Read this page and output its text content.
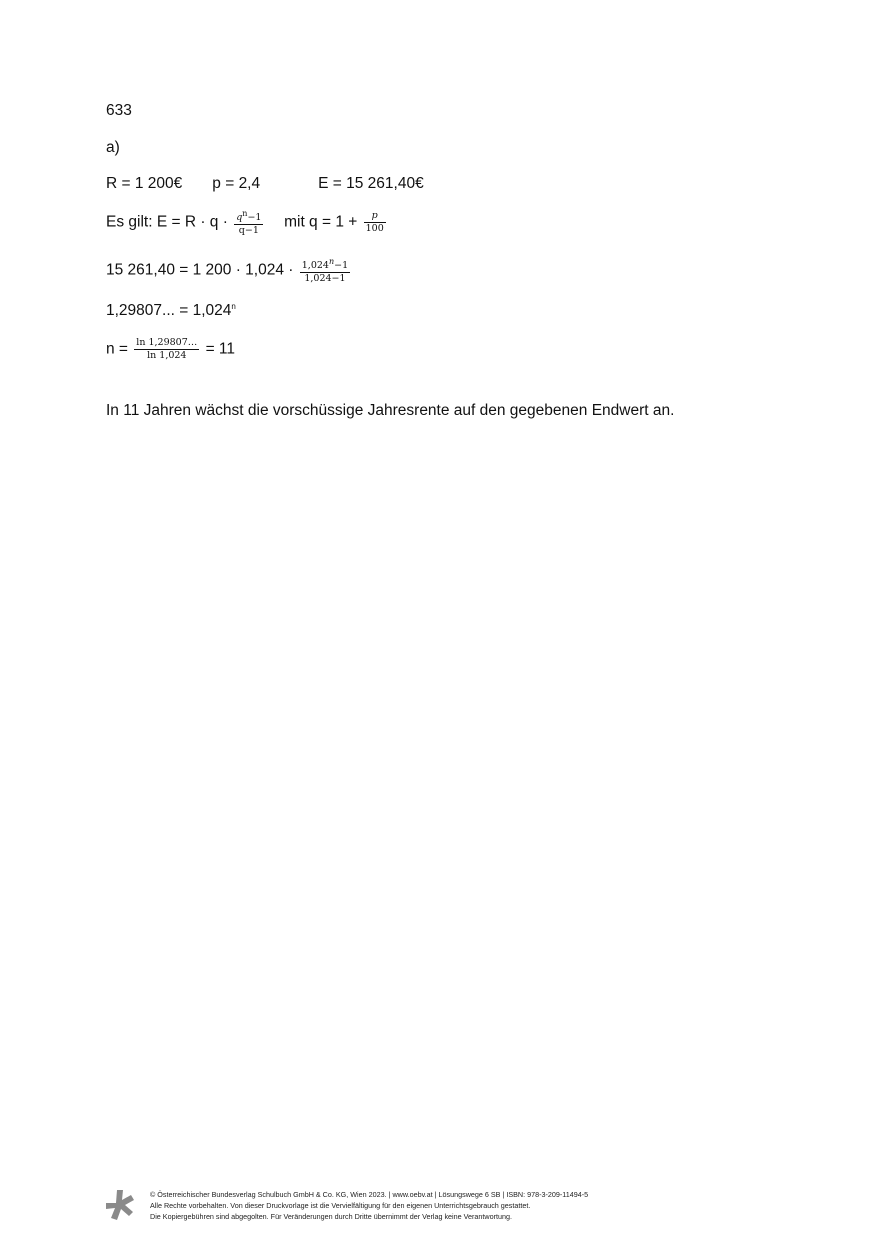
633
a)
R = 1 200€ p = 2,4	E = 15 261,40€
Es gilt: $E = R \cdot q \cdot \frac{q^n-1}{q-1}$ mit $q = 1 + \frac{p}{100}$
15 261,40 = 1 $200 \cdot 1,024 \cdot \frac{1,024^n-1}{1,024-1}$
1,29807... = $1,024^n$
$n = \frac{\ln 1,29807\dots}{\ln 1,024} = 11$
In 11 Jahren wächst die vorschüssige Jahresrente auf den gegebenen Endwert an.
© Österreichischer Bundesverlag Schulbuch GmbH & Co. KG, Wien 2023. | www.oebv.at | Lösungswege 6 SB | ISBN: 978-3-209-11494-5
Alle Rechte vorbehalten. Von dieser Druckvorlage ist die Vervielfältigung für den eigenen Unterrichtsgebrauch gestattet.
Die Kopiergebühren sind abgegolten. Für Veränderungen durch Dritte übernimmt der Verlag keine Verantwortung.
